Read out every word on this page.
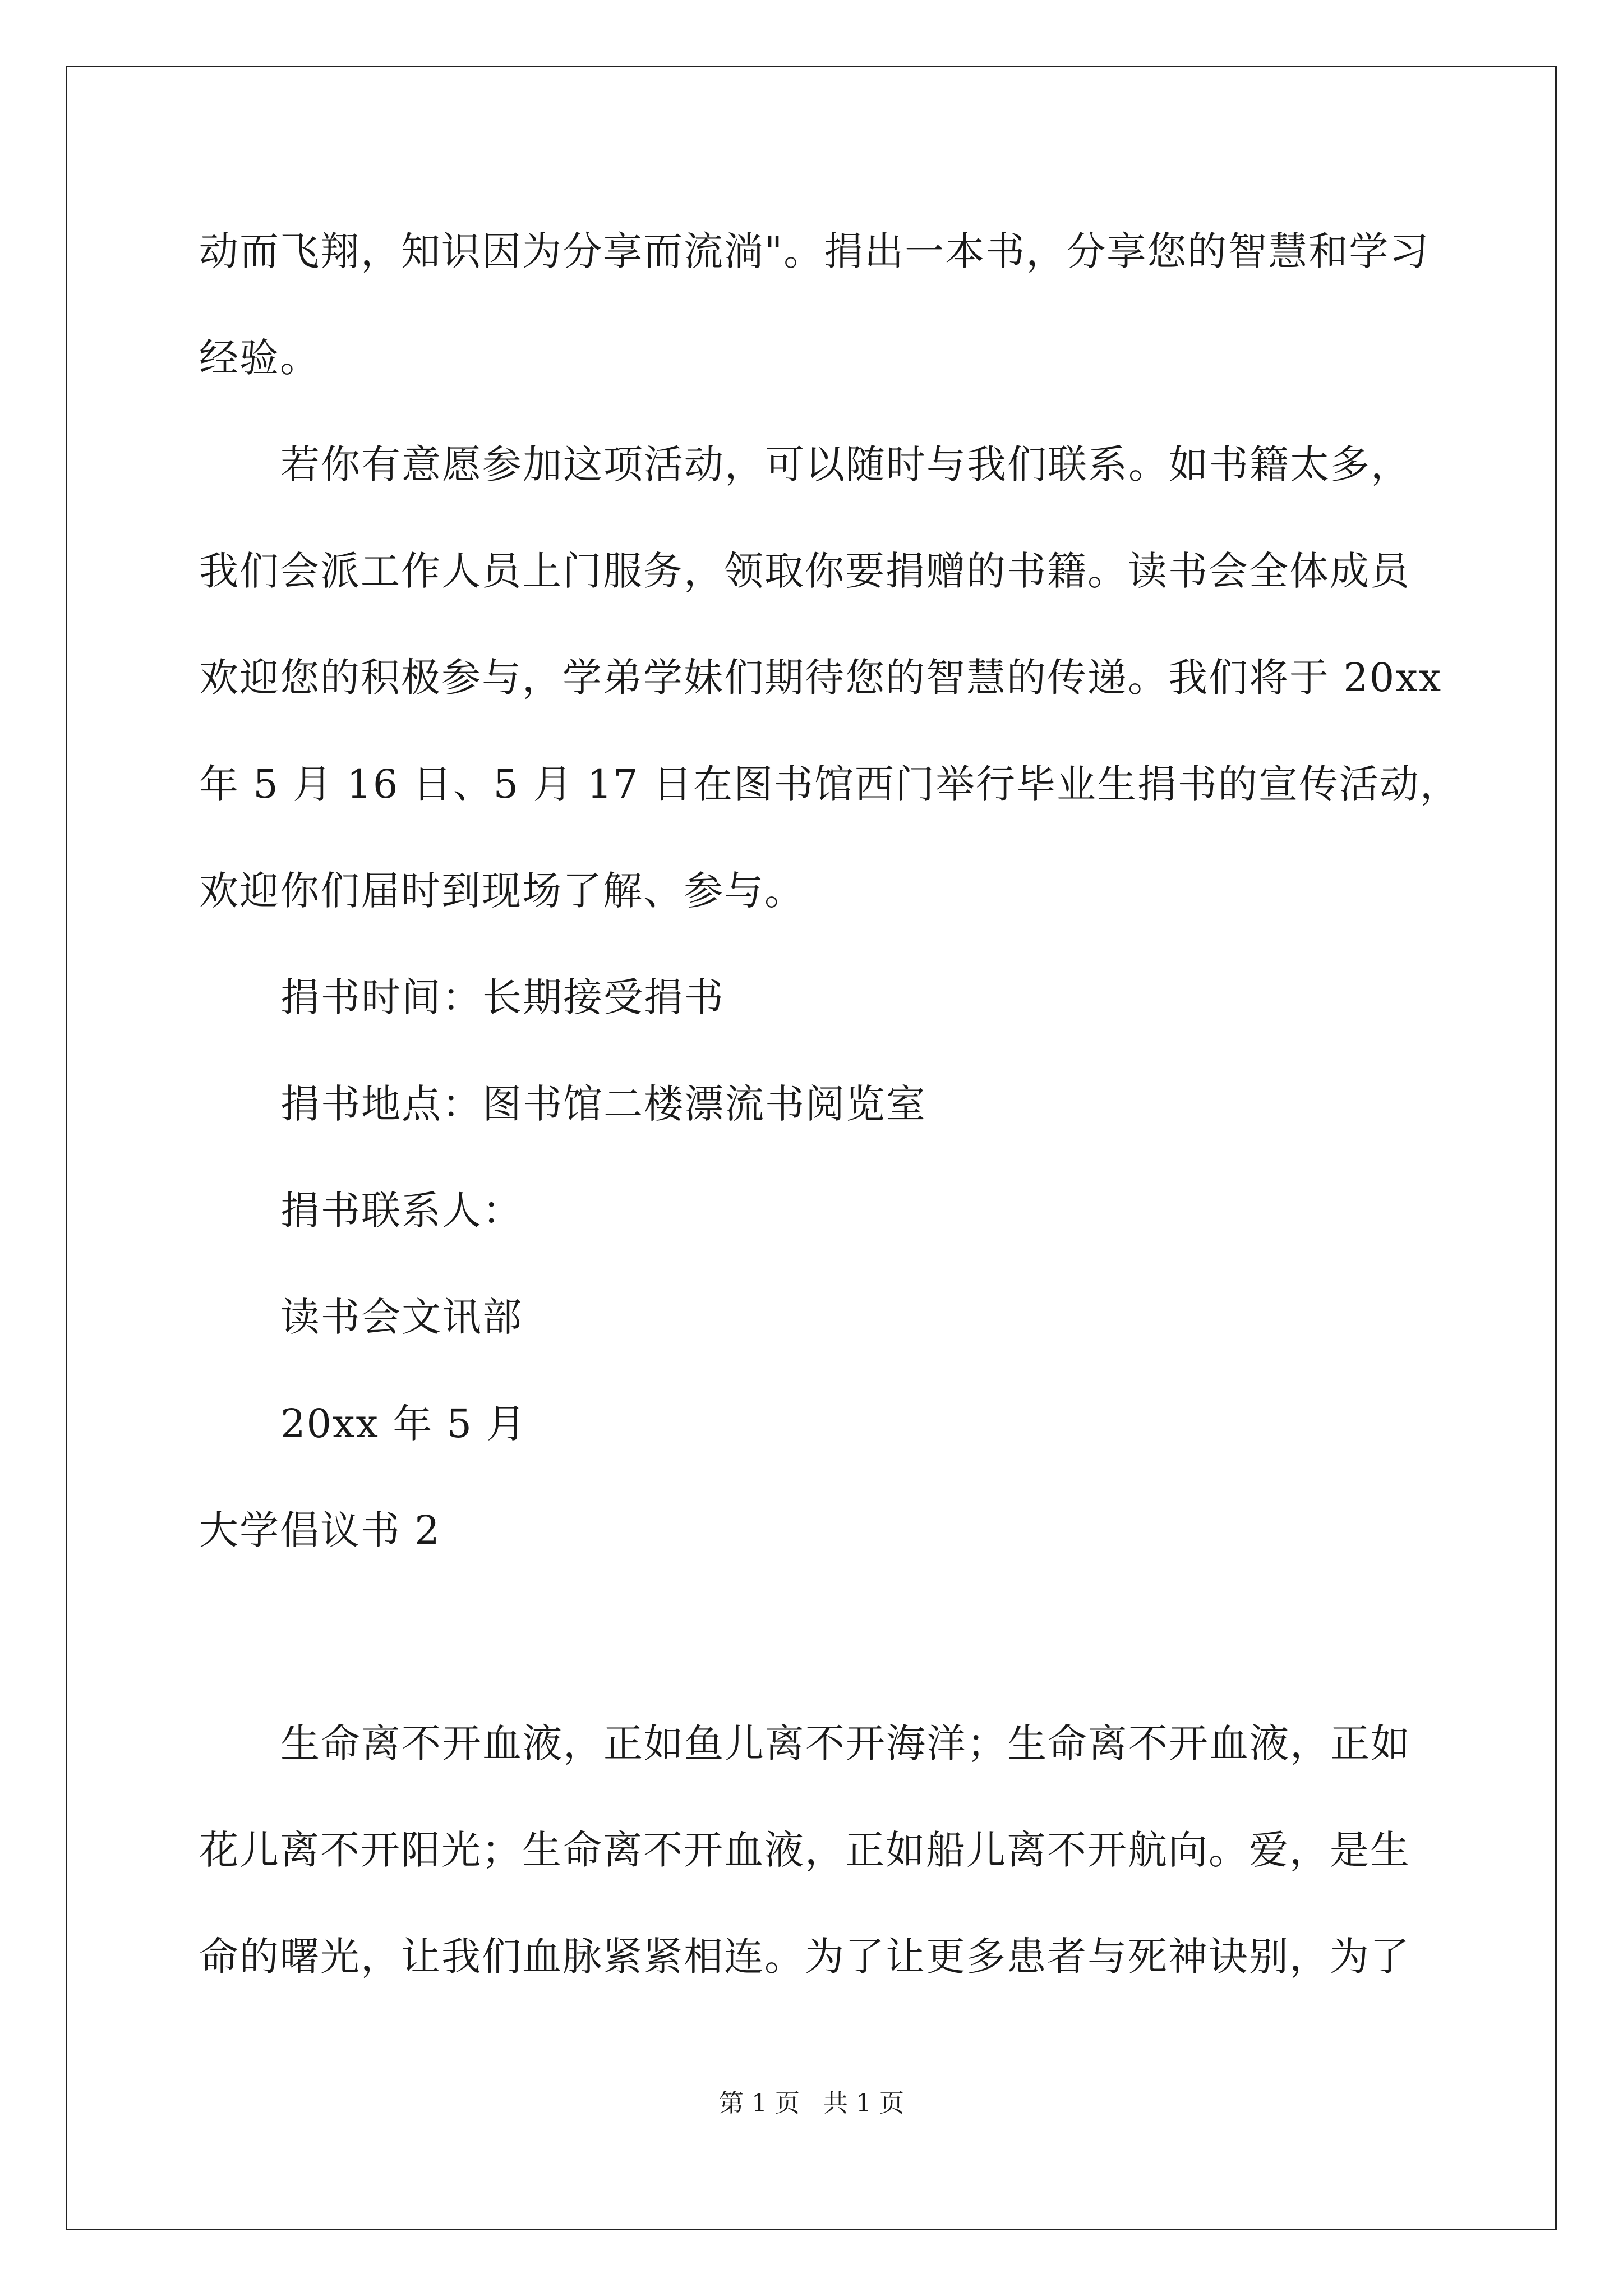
动而飞翔，知识因为分享而流淌"。捐出一本书，分享您的智慧和学习
经验。
若你有意愿参加这项活动，可以随时与我们联系。如书籍太多，
我们会派工作人员上门服务，领取你要捐赠的书籍。读书会全体成员
欢迎您的积极参与，学弟学妹们期待您的智慧的传递。我们将于 20xx
年 5 月 16 日、5 月 17 日在图书馆西门举行毕业生捐书的宣传活动，
欢迎你们届时到现场了解、参与。
捐书时间：长期接受捐书
捐书地点：图书馆二楼漂流书阅览室
捐书联系人：
读书会文讯部
20xx 年 5 月
大学倡议书 2
生命离不开血液，正如鱼儿离不开海洋；生命离不开血液，正如
花儿离不开阳光；生命离不开血液，正如船儿离不开航向。爱，是生
命的曙光，让我们血脉紧紧相连。为了让更多患者与死神诀别，为了
第 1 页   共 1 页
